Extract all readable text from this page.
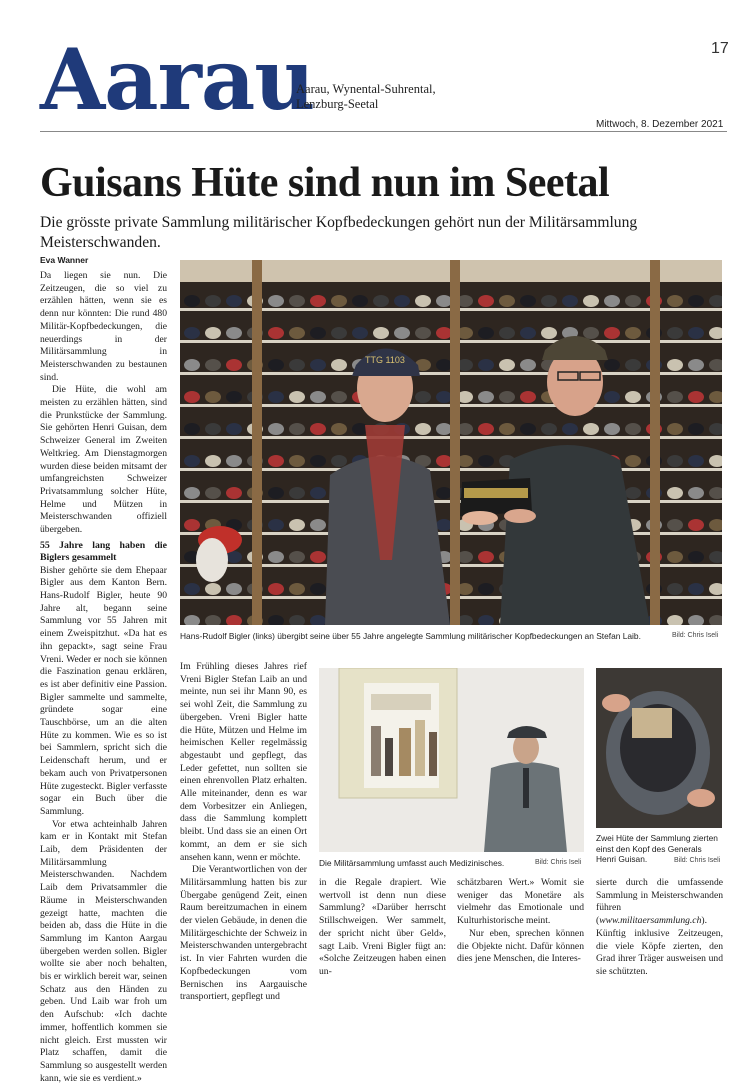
Aarau
Aarau, Wynental-Suhrental,
Lenzburg-Seetal
17
Mittwoch, 8. Dezember 2021
Guisans Hüte sind nun im Seetal
Die grösste private Sammlung militärischer Kopfbedeckungen gehört nun der Militärsammlung Meisterschwanden.
Eva Wanner
TTG 1103
Hans-Rudolf Bigler (links) übergibt seine über 55 Jahre angelegte Sammlung militärischer Kopfbedeckungen an Stefan Laib.	Bild: Chris Iseli

Da liegen sie nun. Die Zeitzeugen, die so viel zu erzählen hätten, wenn sie es denn nur könnten: Die rund 480 Militär-Kopfbedeckungen, die neuerdings in der Militärsammlung in Meisterschwanden zu bestaunen sind.

Die Hüte, die wohl am meisten zu erzählen hätten, sind die Prunkstücke der Sammlung. Sie gehörten Henri Guisan, dem Schweizer General im Zweiten Weltkrieg. Am Dienstagmorgen wurden diese beiden mitsamt der umfangreichsten Schweizer Privatsammlung solcher Hüte, Helme und Mützen in Meisterschwanden offiziell übergeben.

55 Jahre lang haben die Biglers gesammelt

Bisher gehörte sie dem Ehepaar Bigler aus dem Kanton Bern. Hans-Rudolf Bigler, heute 90 Jahre alt, begann seine Sammlung vor 55 Jahren mit einem Zweispitzhut. «Da hat es ihn gepackt», sagt seine Frau Vreni. Weder er noch sie können die Faszination genau erklären, es ist aber definitiv eine Passion. Bigler sammelte und sammelte, gründete sogar eine Tauschbörse, um an die alten Hüte zu kommen. Wie es so ist bei Sammlern, spricht sich die Leidenschaft herum, und er bekam auch von Privatpersonen Hüte zugesteckt. Bigler verfasste sogar ein Buch über die Sammlung.

Vor etwa achteinhalb Jahren kam er in Kontakt mit Stefan Laib, dem Präsidenten der Militärsammlung Meisterschwanden. Nachdem Laib dem Privatsammler die Räume in Meisterschwanden gezeigt hatte, machten die beiden ab, dass die Hüte in die Sammlung im Kanton Aargau übergeben werden sollen. Bigler wollte sie aber noch behalten, bis er wirklich bereit war, seinen Schatz aus den Händen zu geben. Und Laib war froh um den Aufschub: «Ich dachte immer, hoffentlich kommen sie nicht gleich. Erst mussten wir Platz schaffen, damit die Sammlung so ausgestellt werden kann, wie sie es verdient.»

Im Frühling dieses Jahres rief Vreni Bigler Stefan Laib an und meinte, nun sei ihr Mann 90, es sei wohl Zeit, die Sammlung zu übergeben. Vreni Bigler hatte die Hüte, Mützen und Helme im heimischen Keller regelmässig abgestaubt und gepflegt, das Leder gefettet, nun sollten sie einen ehrenvollen Platz erhalten. Alle miteinander, denn es war dem Vorbesitzer ein Anliegen, dass die Sammlung komplett bleibt. Und dass sie an einen Ort kommt, an dem er sie sich ansehen kann, wenn er möchte.

Die Verantwortlichen von der Militärsammlung hatten bis zur Übergabe genügend Zeit, einen Raum bereitzumachen in einem der vielen Gebäude, in denen die Militärgeschichte der Schweiz in Meisterschwanden untergebracht ist. In vier Fahrten wurden die Kopfbedeckungen vom Bernischen ins Aargauische transportiert, gepflegt und

Die Militärsammlung umfasst auch Medizinisches.	Bild: Chris Iseli
Zwei Hüte der Sammlung zierten
einst den Kopf des Generals
Henri Guisan.	Bild: Chris Iseli

in die Regale drapiert. Wie wertvoll ist denn nun diese Sammlung? «Darüber herrscht Stillschweigen. Wer sammelt, der spricht nicht über Geld», sagt Laib. Vreni Bigler fügt an: «Solche Zeitzeugen haben einen un-

schätzbaren Wert.» Womit sie weniger das Monetäre als vielmehr das Emotionale und Kulturhistorische meint.

Nur eben, sprechen können die Objekte nicht. Dafür können dies jene Menschen, die Interes-

sierte durch die umfassende Sammlung in Meisterschwanden führen (www.militaersammlung.ch). Künftig inklusive Zeitzeugen, die viele Köpfe zierten, den Grad ihrer Träger ausweisen und sie schützten.
